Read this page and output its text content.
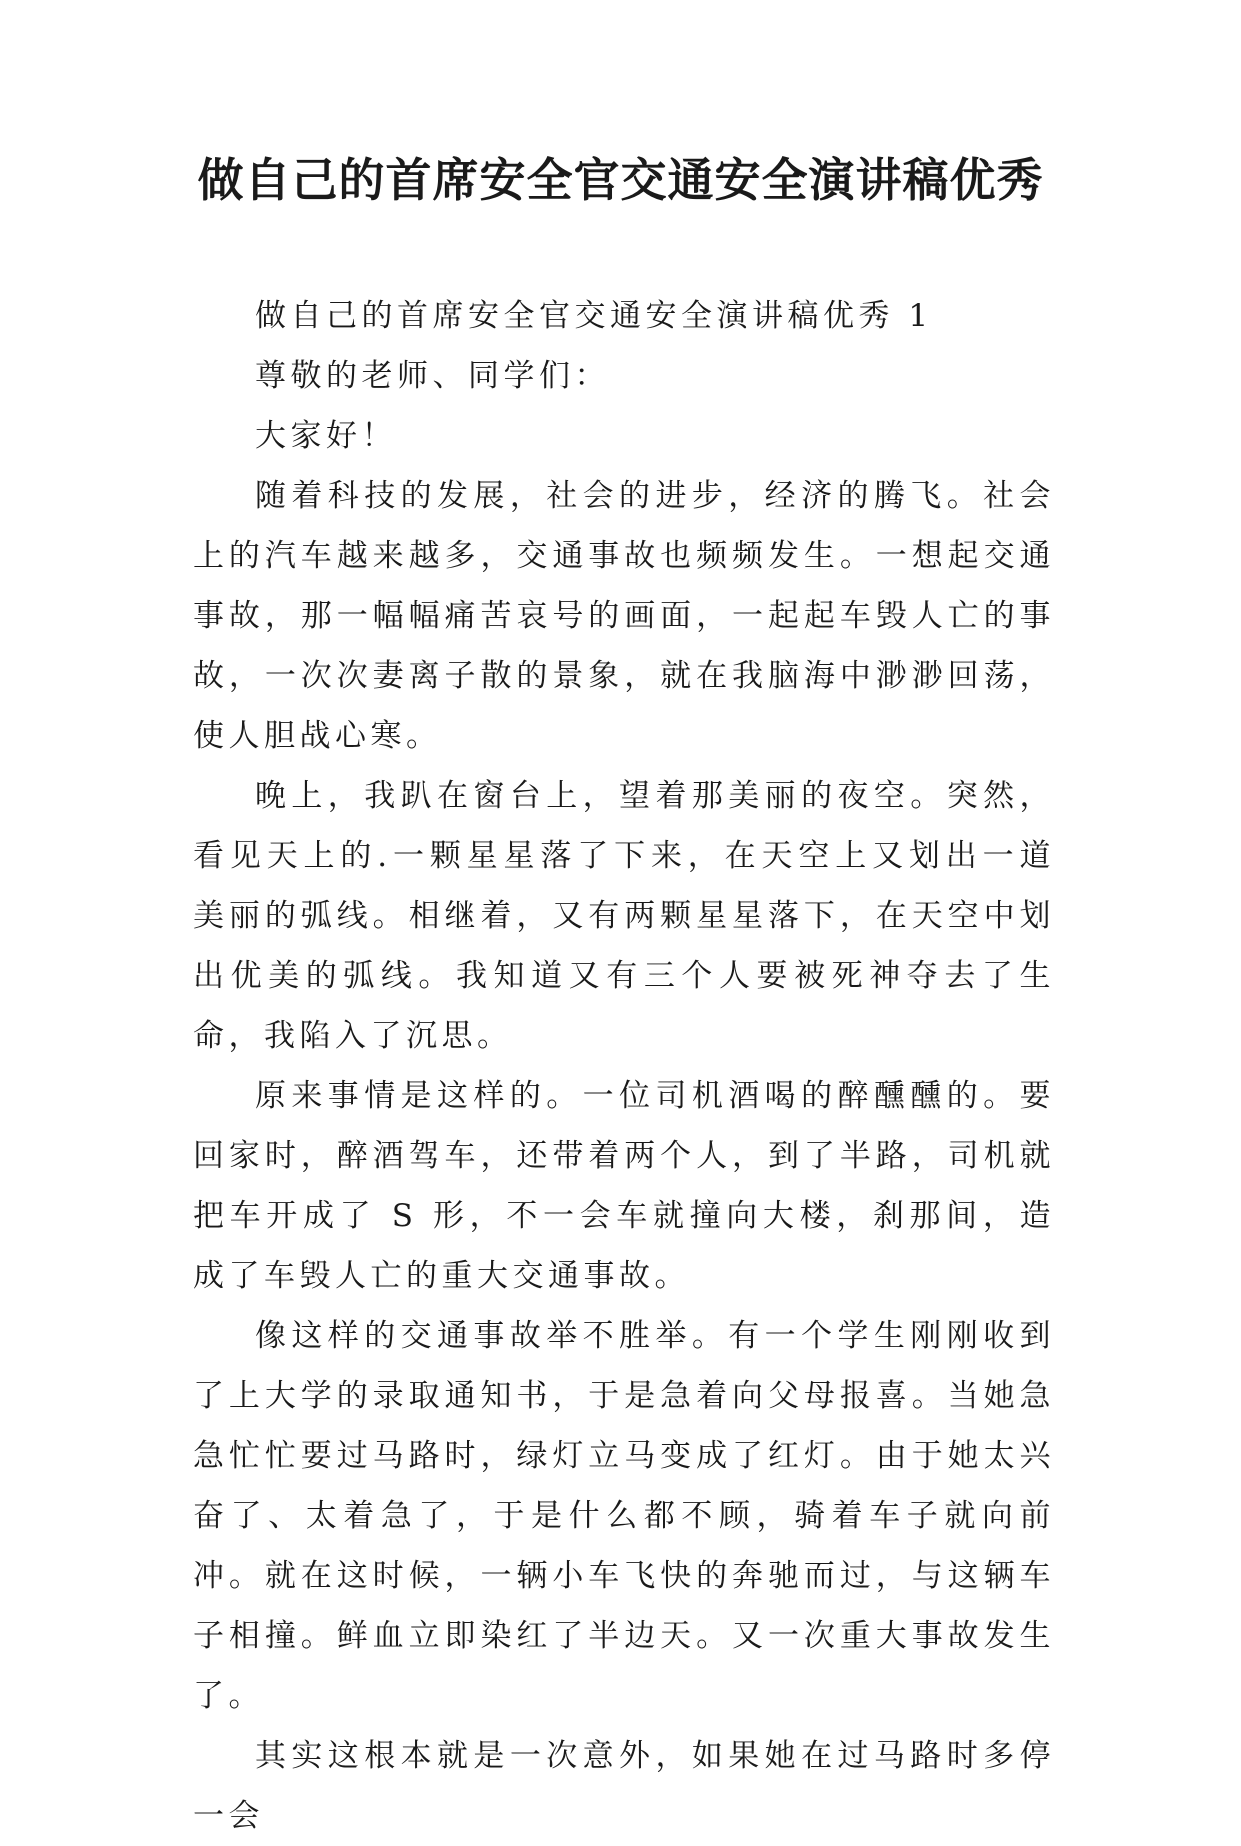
做自己的首席安全官交通安全演讲稿优秀

做自己的首席安全官交通安全演讲稿优秀 1

尊敬的老师、同学们：

大家好！

随着科技的发展，社会的进步，经济的腾飞。社会上的汽车越来越多，交通事故也频频发生。一想起交通事故，那一幅幅痛苦哀号的画面，一起起车毁人亡的事故，一次次妻离子散的景象，就在我脑海中渺渺回荡，使人胆战心寒。

晚上，我趴在窗台上，望着那美丽的夜空。突然，看见天上的.一颗星星落了下来，在天空上又划出一道美丽的弧线。相继着，又有两颗星星落下，在天空中划出优美的弧线。我知道又有三个人要被死神夺去了生命，我陷入了沉思。

原来事情是这样的。一位司机酒喝的醉醺醺的。要回家时，醉酒驾车，还带着两个人，到了半路，司机就把车开成了 S 形，不一会车就撞向大楼，刹那间，造成了车毁人亡的重大交通事故。

像这样的交通事故举不胜举。有一个学生刚刚收到了上大学的录取通知书，于是急着向父母报喜。当她急急忙忙要过马路时，绿灯立马变成了红灯。由于她太兴奋了、太着急了，于是什么都不顾，骑着车子就向前冲。就在这时候，一辆小车飞快的奔驰而过，与这辆车子相撞。鲜血立即染红了半边天。又一次重大事故发生了。

其实这根本就是一次意外，如果她在过马路时多停一会
